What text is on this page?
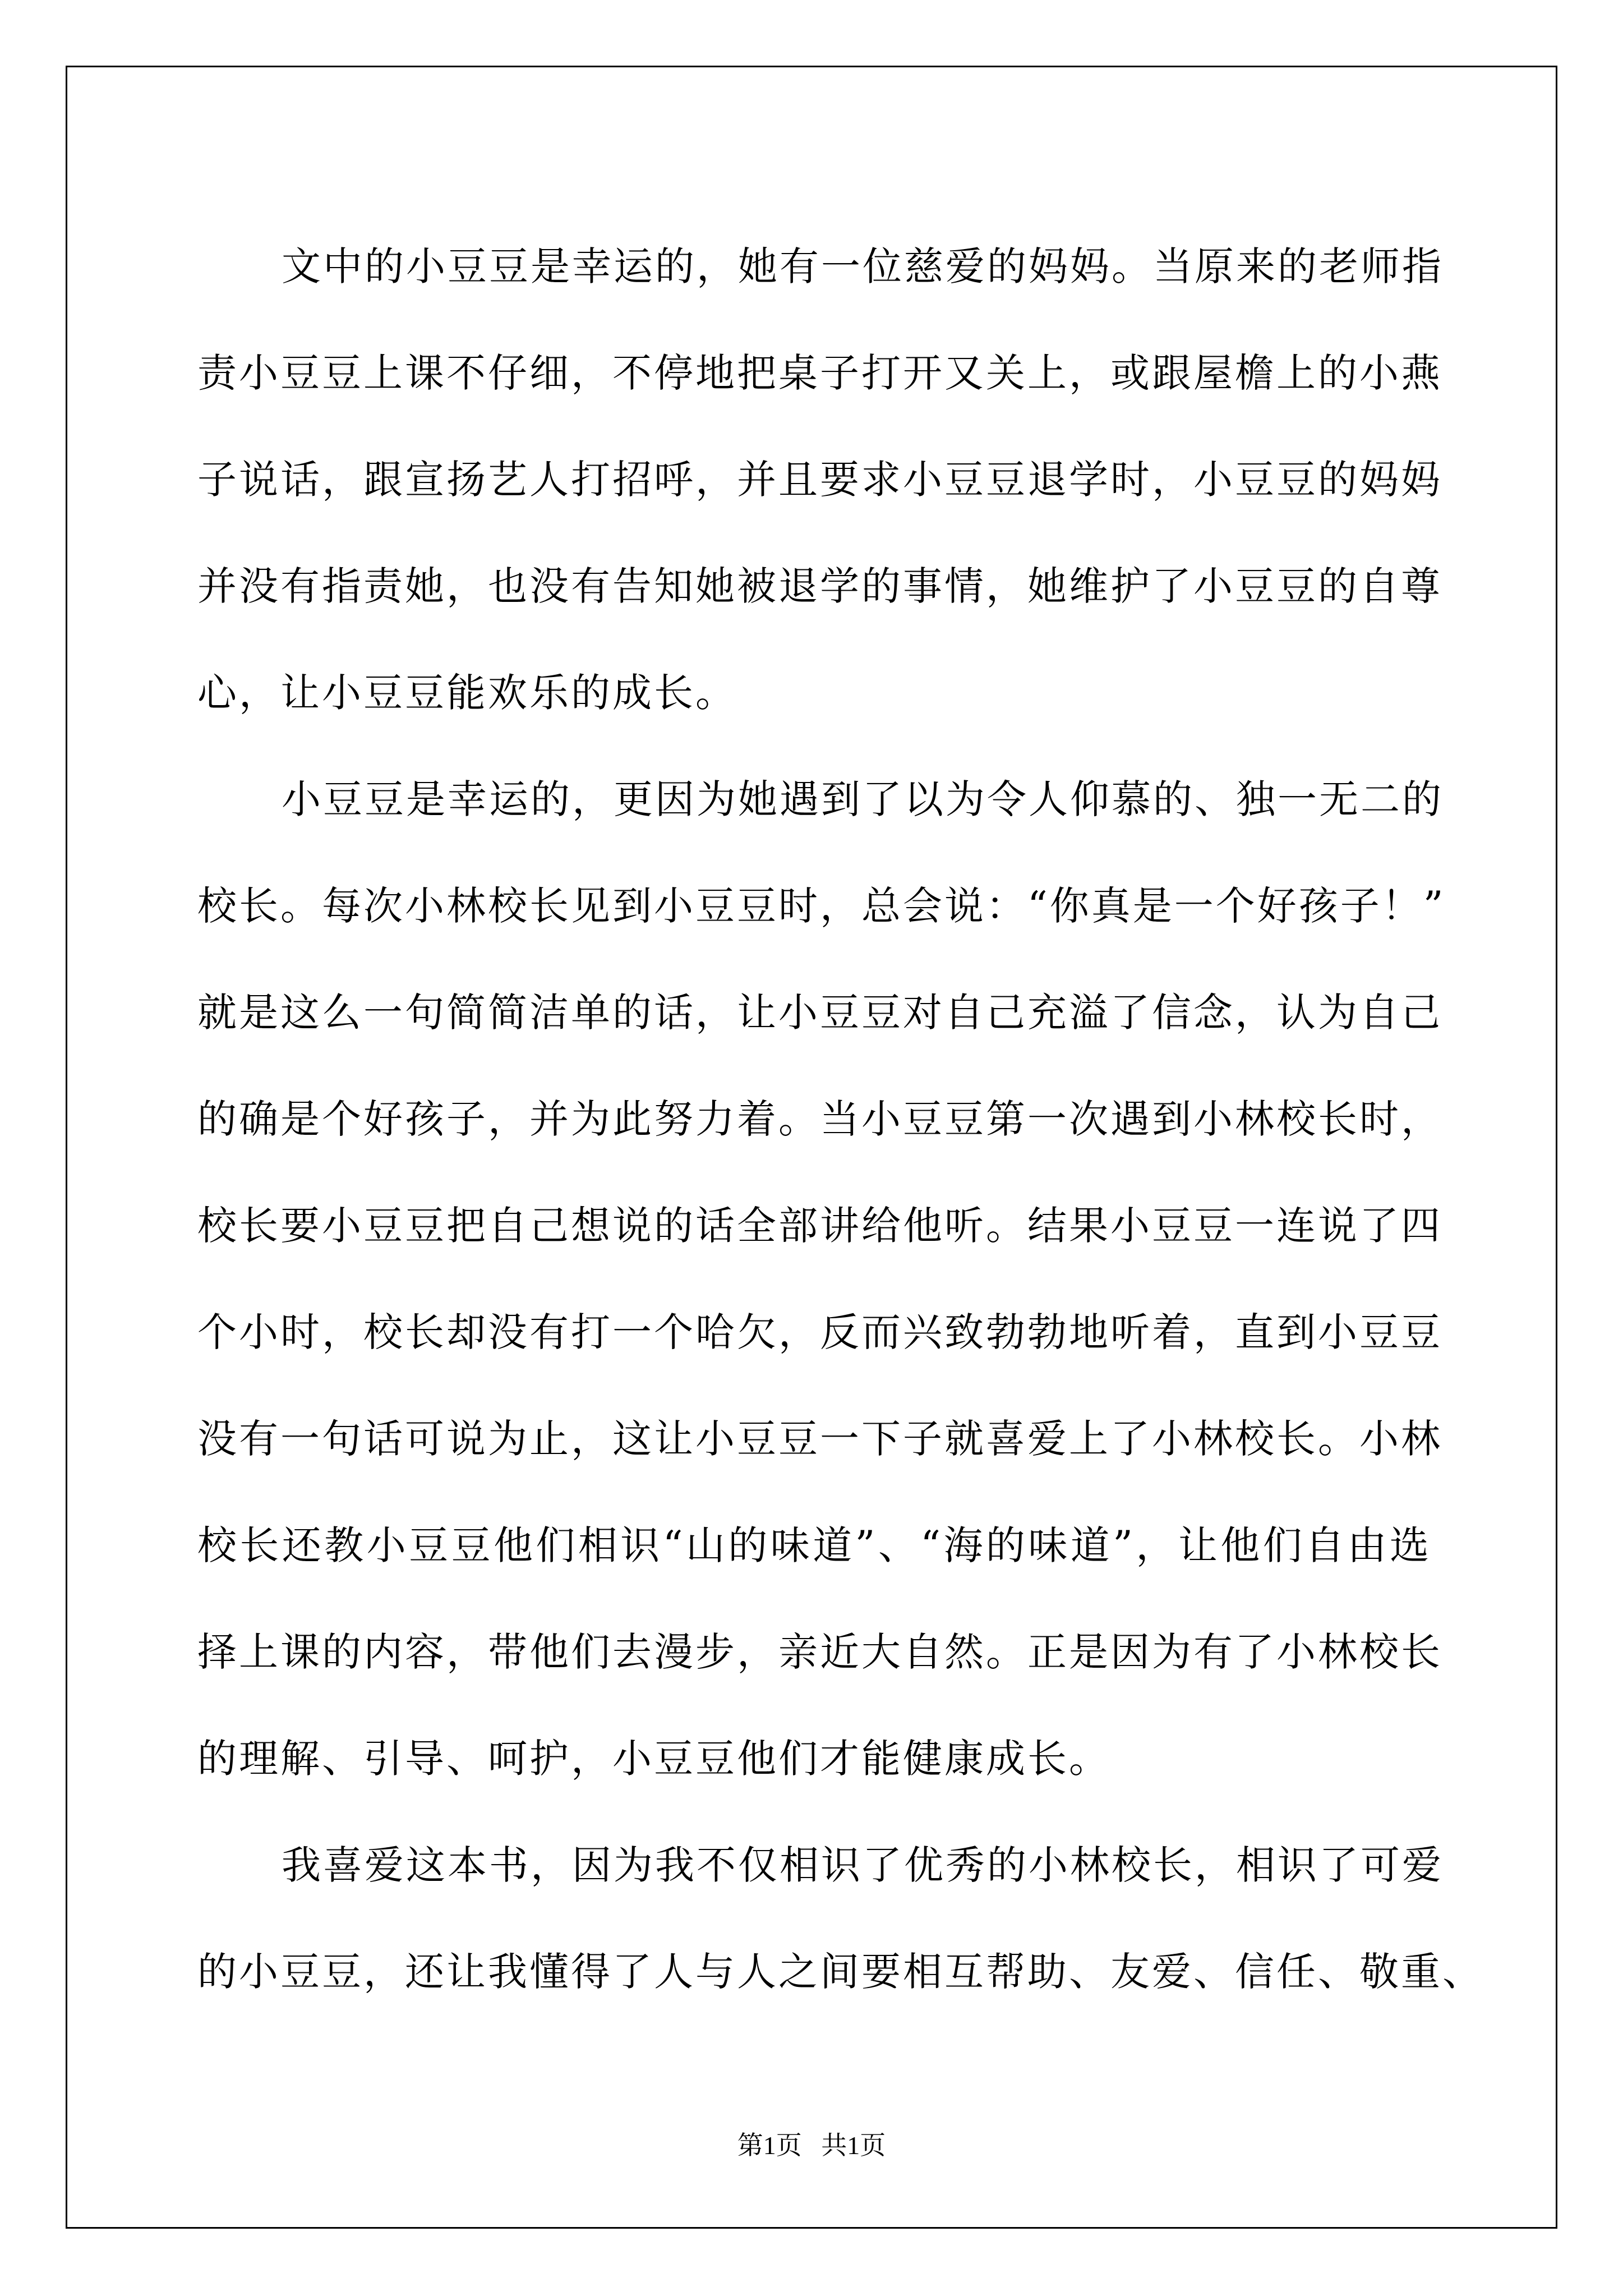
文中的小豆豆是幸运的，她有一位慈爱的妈妈。当原来的老师指
责小豆豆上课不仔细，不停地把桌子打开又关上，或跟屋檐上的小燕
子说话，跟宣扬艺人打招呼，并且要求小豆豆退学时，小豆豆的妈妈
并没有指责她，也没有告知她被退学的事情，她维护了小豆豆的自尊
心，让小豆豆能欢乐的成长。
小豆豆是幸运的，更因为她遇到了以为令人仰慕的、独一无二的
校长。每次小林校长见到小豆豆时，总会说：“你真是一个好孩子！”
就是这么一句简简洁单的话，让小豆豆对自己充溢了信念，认为自己
的确是个好孩子，并为此努力着。当小豆豆第一次遇到小林校长时，
校长要小豆豆把自己想说的话全部讲给他听。结果小豆豆一连说了四
个小时，校长却没有打一个哈欠，反而兴致勃勃地听着，直到小豆豆
没有一句话可说为止，这让小豆豆一下子就喜爱上了小林校长。小林
校长还教小豆豆他们相识“山的味道”、“海的味道”，让他们自由选
择上课的内容，带他们去漫步，亲近大自然。正是因为有了小林校长
的理解、引导、呵护，小豆豆他们才能健康成长。
我喜爱这本书，因为我不仅相识了优秀的小林校长，相识了可爱
的小豆豆，还让我懂得了人与人之间要相互帮助、友爱、信任、敬重、
第1页 共1页
